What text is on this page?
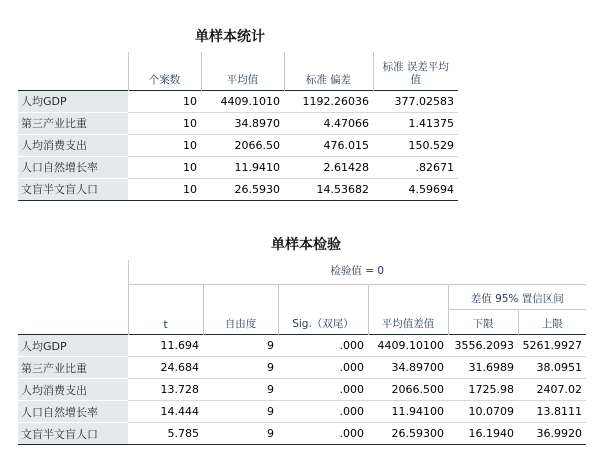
单样本统计
	个案数	平均值	标准 偏差	标准 误差平均值
人均GDP	10	4409.1010	1192.26036	377.02583
第三产业比重	10	34.8970	4.47066	1.41375
人均消费支出	10	2066.50	476.015	150.529
人口自然增长率	10	11.9410	2.61428	.82671
文盲半文盲人口	10	26.5930	14.53682	4.59694
单样本检验
	检验值 = 0					
					差值 95% 置信区间	
	t	自由度	Sig.（双尾）	平均值差值	下限	上限
人均GDP	11.694	9	.000	4409.10100	3556.2093	5261.9927
第三产业比重	24.684	9	.000	34.89700	31.6989	38.0951
人均消费支出	13.728	9	.000	2066.500	1725.98	2407.02
人口自然增长率	14.444	9	.000	11.94100	10.0709	13.8111
文盲半文盲人口	5.785	9	.000	26.59300	16.1940	36.9920
